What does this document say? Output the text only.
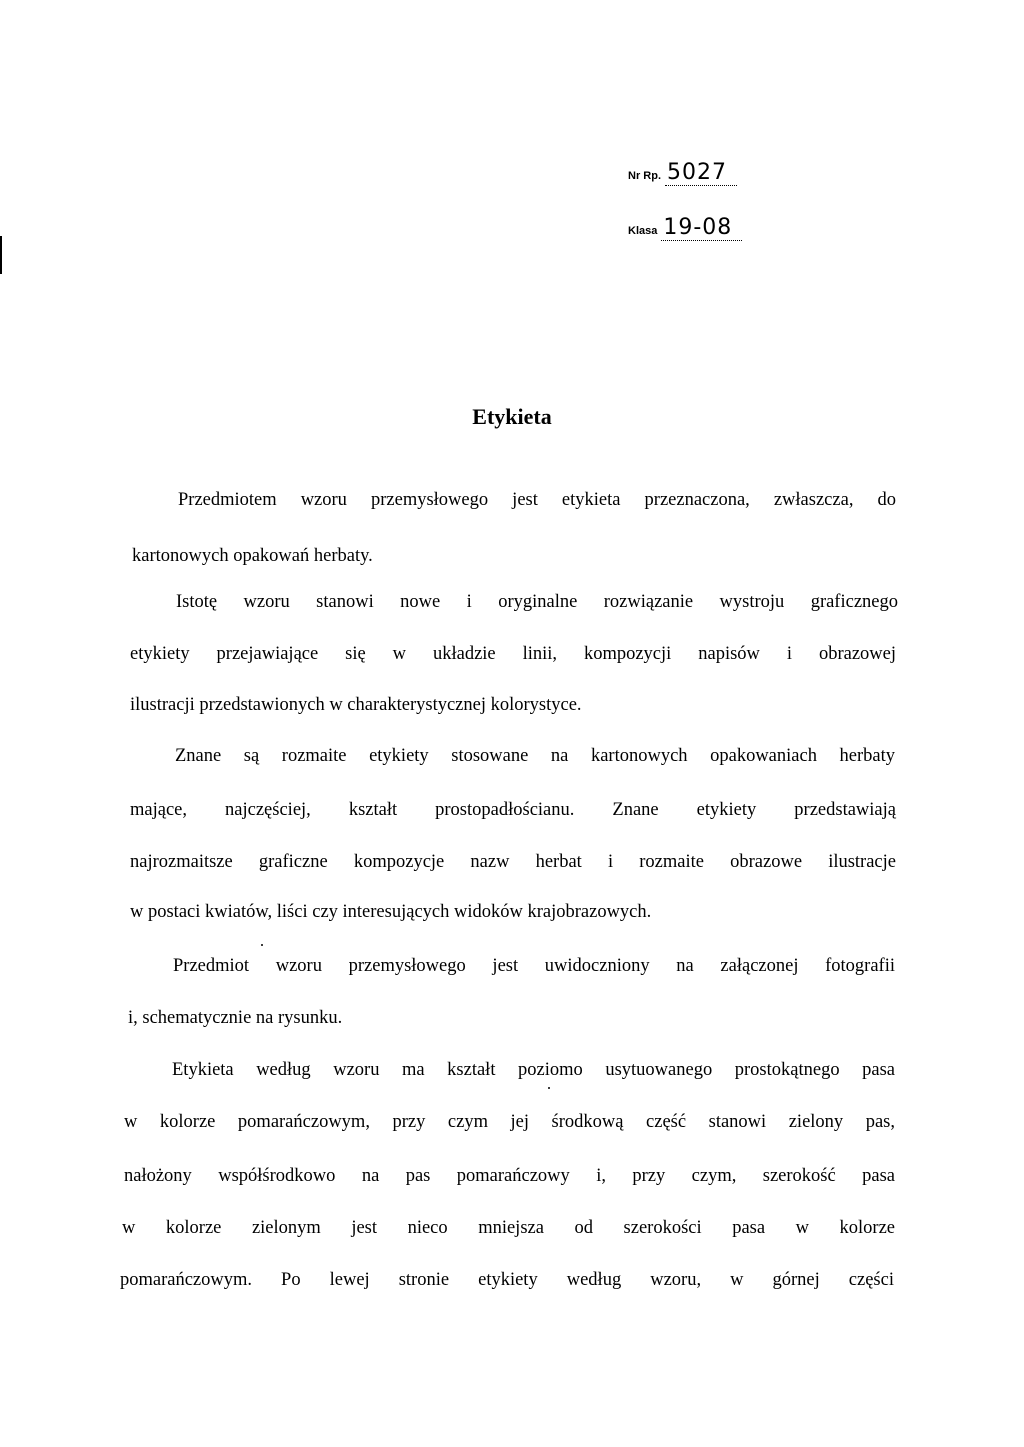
Nr Rp. 5027
Klasa 19-08
Etykieta
Przedmiotem wzoru przemysłowego jest etykieta przeznaczona, zwłaszcza, do
kartonowych opakowań herbaty.
Istotę wzoru stanowi nowe i oryginalne rozwiązanie wystroju graficznego
etykiety przejawiające się w układzie linii, kompozycji napisów i obrazowej
ilustracji przedstawionych w charakterystycznej kolorystyce.
Znane są rozmaite etykiety stosowane na kartonowych opakowaniach herbaty
mające, najczęściej, kształt prostopadłościanu. Znane etykiety przedstawiają
najrozmaitsze graficzne kompozycje nazw herbat i rozmaite obrazowe ilustracje
w postaci kwiatów, liści czy interesujących widoków krajobrazowych.
Przedmiot wzoru przemysłowego jest uwidoczniony na załączonej fotografii
i, schematycznie na rysunku.
Etykieta według wzoru ma kształt poziomo usytuowanego prostokątnego pasa
w kolorze pomarańczowym, przy czym jej środkową część stanowi zielony pas,
nałożony współśrodkowo na pas pomarańczowy i, przy czym, szerokość pasa
w kolorze zielonym jest nieco mniejsza od szerokości pasa w kolorze
pomarańczowym. Po lewej stronie etykiety według wzoru, w górnej części
